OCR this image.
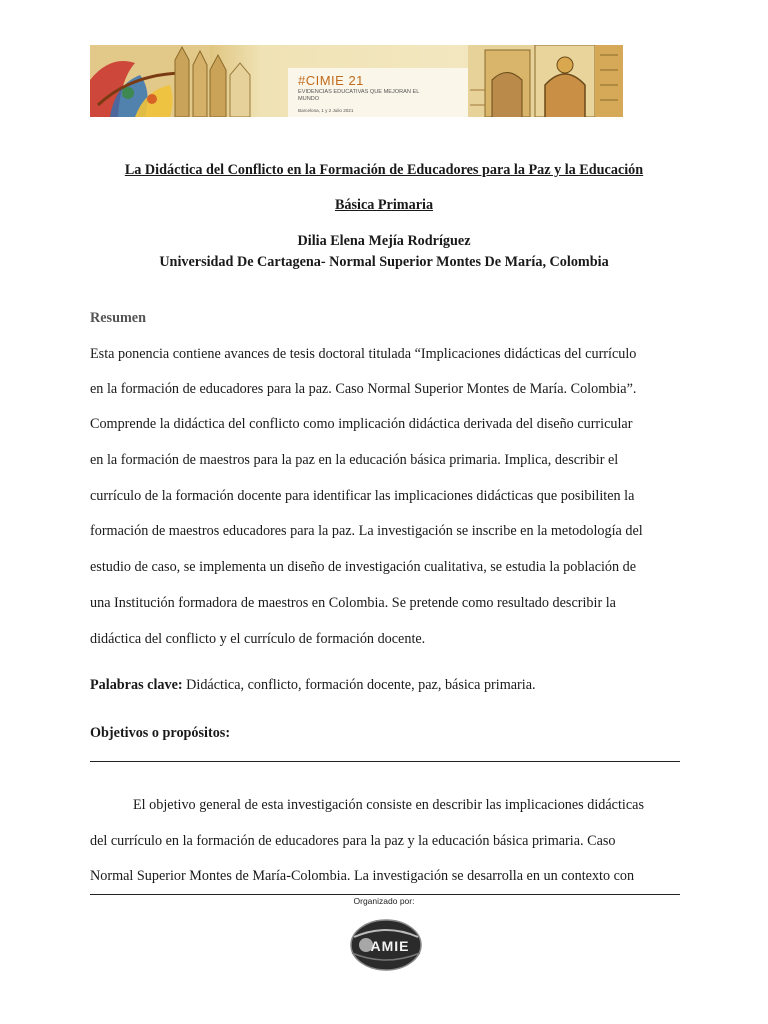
#CIMIE 21
EVIDENCIAS EDUCATIVAS QUE MEJORAN EL MUNDO
Barcelona, 1 y 2 Julio 2021
La Didáctica del Conflicto en la Formación de Educadores para la Paz y la Educación
Básica Primaria
Dilia Elena Mejía Rodríguez
Universidad De Cartagena- Normal Superior Montes De María, Colombia
Resumen
Esta ponencia contiene avances de tesis doctoral titulada “Implicaciones didácticas del currículo
en la formación de educadores para la paz. Caso Normal Superior Montes de María. Colombia”.
Comprende la didáctica del conflicto como implicación didáctica derivada del diseño curricular
en la formación de maestros para la paz en la educación básica primaria. Implica, describir el
currículo de la formación docente para identificar las implicaciones didácticas que posibiliten la
formación de maestros educadores para la paz. La investigación se inscribe en la metodología del
estudio de caso, se implementa un diseño de investigación cualitativa, se estudia la población de
una Institución formadora de maestros en Colombia. Se pretende como resultado describir la
didáctica del conflicto y el currículo de formación docente.
Palabras clave: Didáctica, conflicto, formación docente, paz, básica primaria.
Objetivos o propósitos:
El objetivo general de esta investigación consiste en describir las implicaciones didácticas
del currículo en la formación de educadores para la paz y la educación básica primaria. Caso
Normal Superior Montes de María-Colombia. La investigación se desarrolla en un contexto con
Organizado por:
AMIE
